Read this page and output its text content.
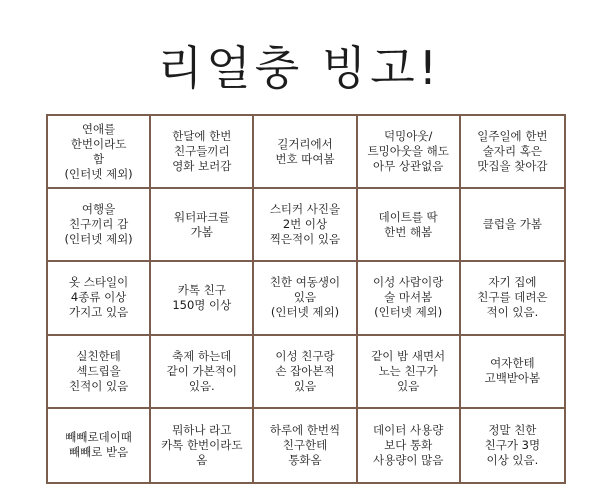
리얼충 빙고!
연애를
한번이라도
함
(인터넷 제외)
한달에 한번
친구들끼리
영화 보러감
길거리에서
번호 따여봄
덕밍아웃/
트밍아웃을 해도
아무 상관없음
일주일에 한번
술자리 혹은
맛집을 찾아감
여행을
친구끼리 감
(인터넷 제외)
워터파크를
가봄
스티커 사진을
2번 이상
찍은적이 있음
데이트를 딱
한번 해봄
클럽을 가봄
옷 스타일이
4종류 이상
가지고 있음
카톡 친구
150명 이상
친한 여동생이
있음
(인터넷 제외)
이성 사람이랑
술 마셔봄
(인터넷 제외)
자기 집에
친구를 데려온
적이 있음.
실친한테
섹드립을
친적이 있음
축제 하는데
같이 가본적이
있음.
이성 친구랑
손 잡아본적
있음
같이 밤 새면서
노는 친구가
있음
여자한테
고백받아봄
빼빼로데이때
빼빼로 받음
뭐하나 라고
카톡 한번이라도
옴
하루에 한번씩
친구한테
통화옴
데이터 사용량
보다 통화
사용량이 많음
정말 친한
친구가 3명
이상 있음.
